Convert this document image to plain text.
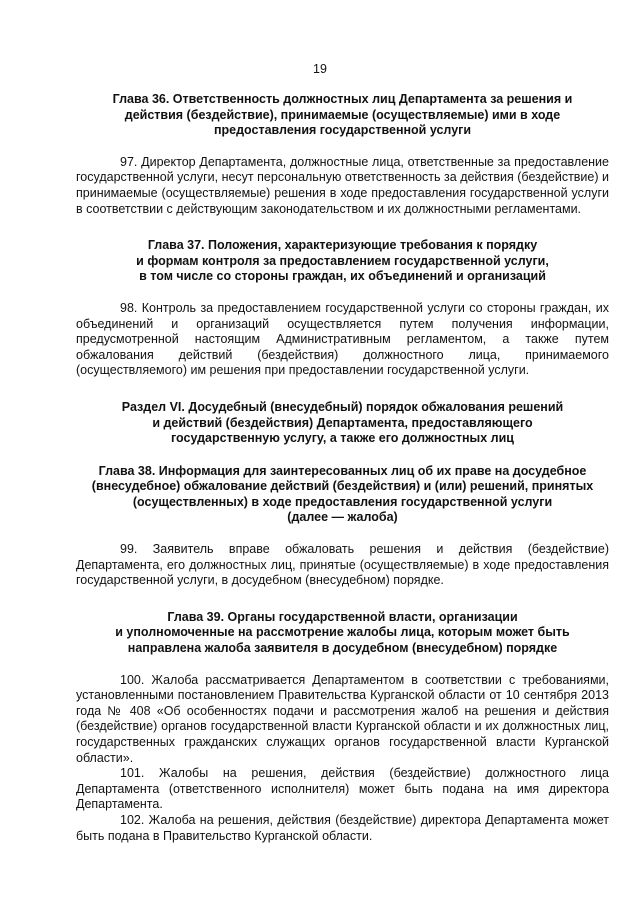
19
Глава 36. Ответственность должностных лиц Департамента за решения и
действия (бездействие), принимаемые (осуществляемые) ими в ходе
предоставления государственной услуги

97. Директор Департамента, должностные лица, ответственные за предоставление государственной услуги, несут персональную ответственность за действия (бездействие) и принимаемые (осуществляемые) решения в ходе предоставления государственной услуги в соответствии с действующим законодательством и их должностными регламентами.

Глава 37. Положения, характеризующие требования к порядку
и формам контроля за предоставлением государственной услуги,
в том числе со стороны граждан, их объединений и организаций

98. Контроль за предоставлением государственной услуги со стороны граждан, их объединений и организаций осуществляется путем получения информации, предусмотренной настоящим Административным регламентом, а также путем обжалования действий (бездействия) должностного лица, принимаемого (осуществляемого) им решения при предоставлении государственной услуги.

Раздел VI. Досудебный (внесудебный) порядок обжалования решений
и действий (бездействия) Департамента, предоставляющего
государственную услугу, а также его должностных лиц
Глава 38. Информация для заинтересованных лиц об их праве на досудебное
(внесудебное) обжалование действий (бездействия) и (или) решений, принятых
(осуществленных) в ходе предоставления государственной услуги
(далее — жалоба)

99. Заявитель вправе обжаловать решения и действия (бездействие) Департамента, его должностных лиц, принятые (осуществляемые) в ходе предоставления государственной услуги, в досудебном (внесудебном) порядке.

Глава 39. Органы государственной власти, организации
и уполномоченные на рассмотрение жалобы лица, которым может быть
направлена жалоба заявителя в досудебном (внесудебном) порядке

100. Жалоба рассматривается Департаментом в соответствии с требованиями, установленными постановлением Правительства Курганской области от 10 сентября 2013 года № 408 «Об особенностях подачи и рассмотрения жалоб на решения и действия (бездействие) органов государственной власти Курганской области и их должностных лиц, государственных гражданских служащих органов государственной власти Курганской области».

101. Жалобы на решения, действия (бездействие) должностного лица Департамента (ответственного исполнителя) может быть подана на имя директора Департамента.

102. Жалоба на решения, действия (бездействие) директора Департамента может быть подана в Правительство Курганской области.
